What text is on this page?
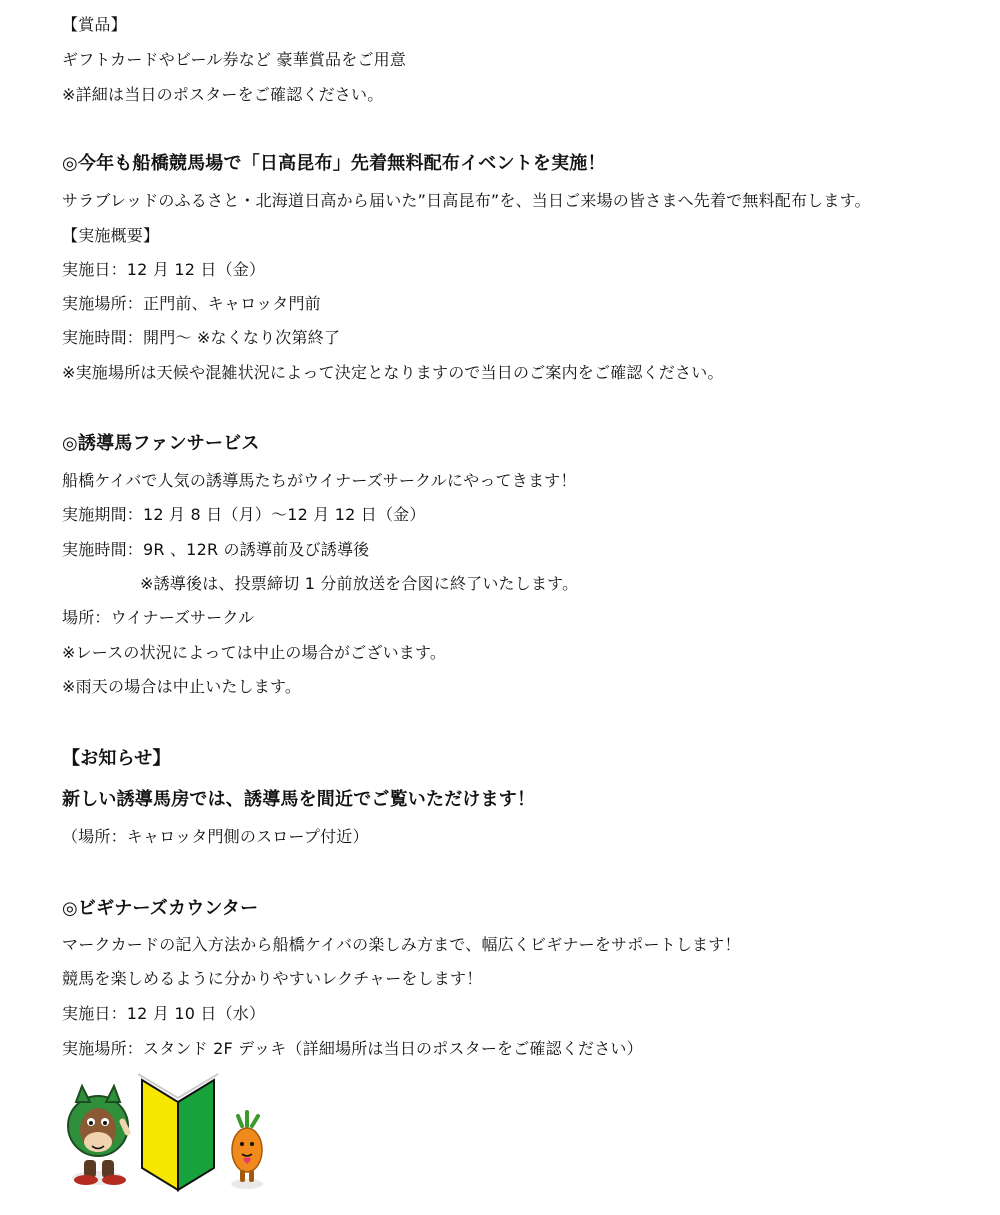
【賞品】
ギフトカードやビール券など 豪華賞品をご用意
※詳細は当日のポスターをご確認ください。
◎今年も船橋競馬場で「日高昆布」先着無料配布イベントを実施！
サラブレッドのふるさと・北海道日高から届いた”日高昆布”を、当日ご来場の皆さまへ先着で無料配布します。
【実施概要】
実施日：12 月 12 日（金）
実施場所：正門前、キャロッタ門前
実施時間：開門～ ※なくなり次第終了
※実施場所は天候や混雑状況によって決定となりますので当日のご案内をご確認ください。
◎誘導馬ファンサービス
船橋ケイバで人気の誘導馬たちがウイナーズサークルにやってきます！
実施期間：12 月 8 日（月）～12 月 12 日（金）
実施時間：9R 、12R の誘導前及び誘導後
※誘導後は、投票締切 1 分前放送を合図に終了いたします。
場所：ウイナーズサークル
※レースの状況によっては中止の場合がございます。
※雨天の場合は中止いたします。
【お知らせ】
新しい誘導馬房では、誘導馬を間近でご覧いただけます！
（場所：キャロッタ門側のスロープ付近）
◎ビギナーズカウンター
マークカードの記入方法から船橋ケイバの楽しみ方まで、幅広くビギナーをサポートします！
競馬を楽しめるように分かりやすいレクチャーをします！
実施日：12 月 10 日（水）
実施場所：スタンド 2F デッキ（詳細場所は当日のポスターをご確認ください）
